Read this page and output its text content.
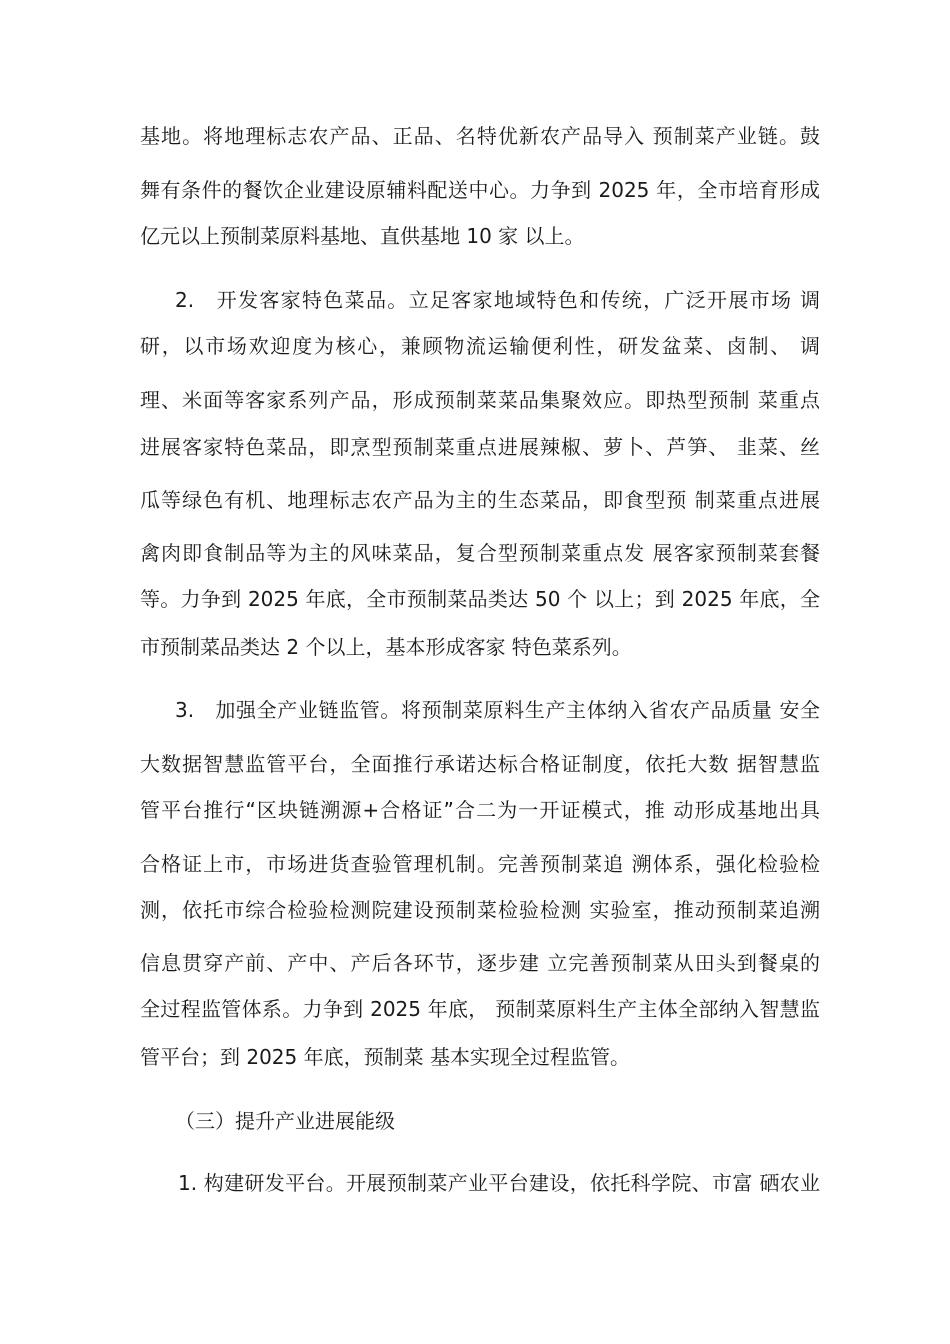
基地。将地理标志农产品、正品、名特优新农产品导入 预制菜产业链。鼓
舞有条件的餐饮企业建设原辅料配送中心。力争到 2025 年，全市培育形成
亿元以上预制菜原料基地、直供基地 10 家 以上。
2.　开发客家特色菜品。立足客家地域特色和传统，广泛开展市场 调
研，以市场欢迎度为核心，兼顾物流运输便利性，研发盆菜、卤制、 调
理、米面等客家系列产品，形成预制菜菜品集聚效应。即热型预制 菜重点
进展客家特色菜品，即烹型预制菜重点进展辣椒、萝卜、芦笋、 韭菜、丝
瓜等绿色有机、地理标志农产品为主的生态菜品，即食型预 制菜重点进展
禽肉即食制品等为主的风味菜品，复合型预制菜重点发 展客家预制菜套餐
等。力争到 2025 年底，全市预制菜品类达 50 个 以上；到 2025 年底，全
市预制菜品类达 2 个以上，基本形成客家 特色菜系列。
3.　加强全产业链监管。将预制菜原料生产主体纳入省农产品质量 安全
大数据智慧监管平台，全面推行承诺达标合格证制度，依托大数 据智慧监
管平台推行“区块链溯源+合格证”合二为一开证模式，推 动形成基地出具
合格证上市，市场进货查验管理机制。完善预制菜追 溯体系，强化检验检
测，依托市综合检验检测院建设预制菜检验检测 实验室，推动预制菜追溯
信息贯穿产前、产中、产后各环节，逐步建 立完善预制菜从田头到餐桌的
全过程监管体系。力争到 2025 年底， 预制菜原料生产主体全部纳入智慧监
管平台；到 2025 年底，预制菜 基本实现全过程监管。
（三）提升产业进展能级
1. 构建研发平台。开展预制菜产业平台建设，依托科学院、市富 硒农业
